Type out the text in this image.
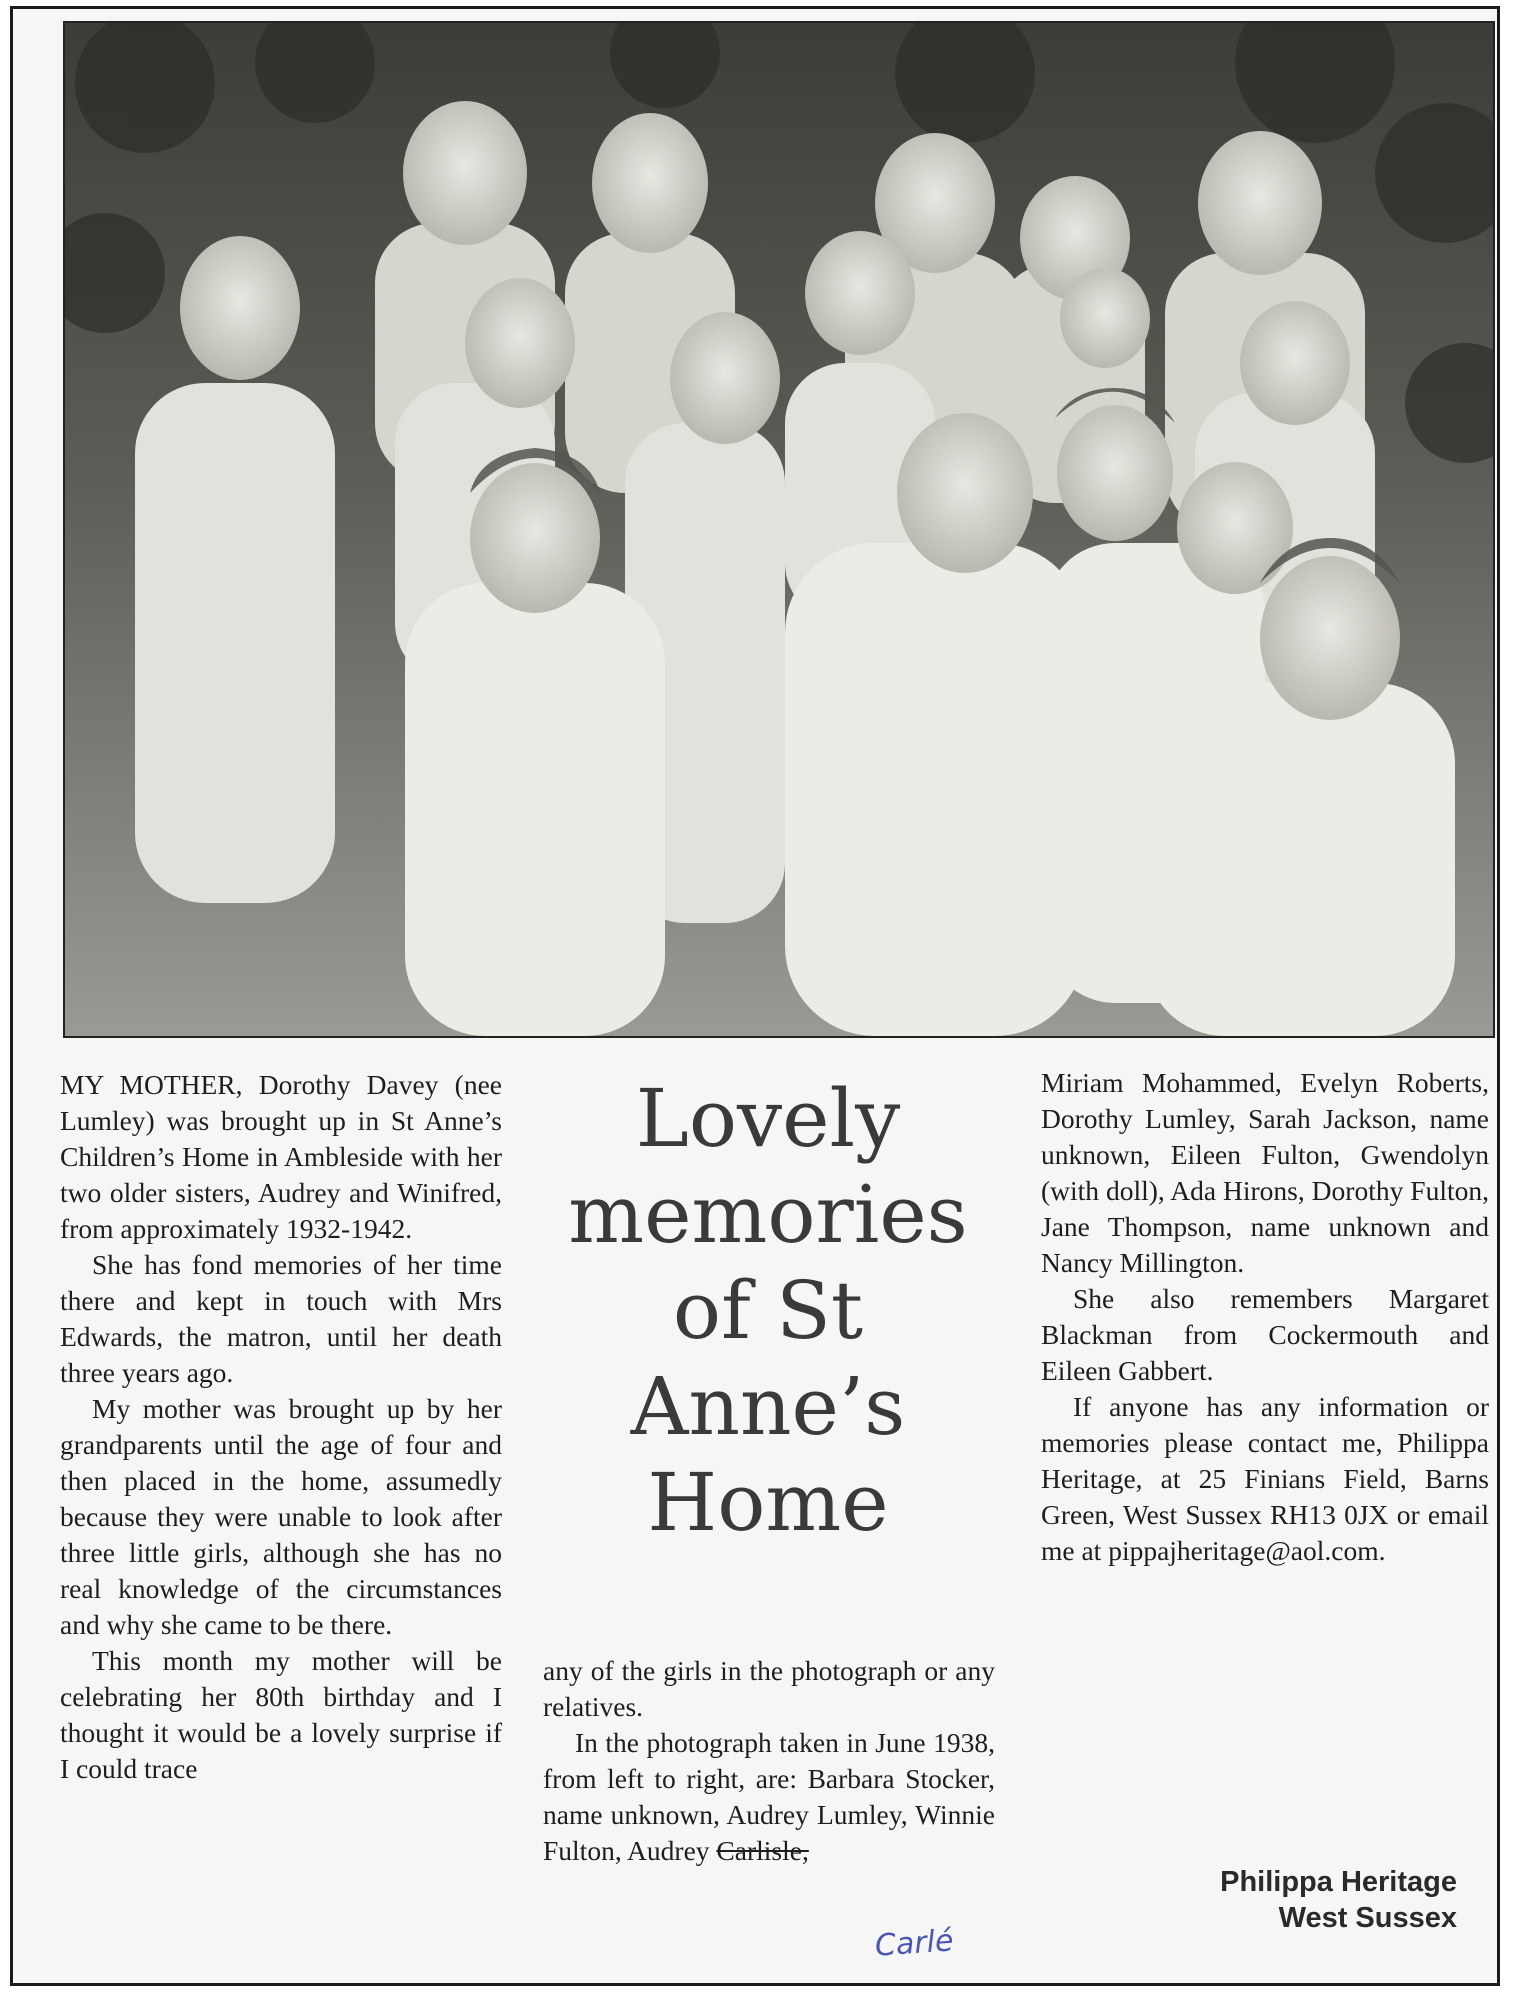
Lovely memories of St Anne’s Home

MY MOTHER, Dorothy Davey (nee Lumley) was brought up in St Anne’s Children’s Home in Ambleside with her two older sisters, Audrey and Winifred, from approximately 1932-1942.

She has fond memories of her time there and kept in touch with Mrs Edwards, the matron, until her death three years ago.

My mother was brought up by her grandparents until the age of four and then placed in the home, assumedly because they were unable to look after three little girls, although she has no real knowledge of the circumstances and why she came to be there.

This month my mother will be celebrating her 80th birthday and I thought it would be a lovely surprise if I could trace

any of the girls in the photograph or any relatives.

In the photograph taken in June 1938, from left to right, are: Barbara Stocker, name unknown, Audrey Lumley, Winnie Fulton, Audrey Carlisle,

Carlé

Miriam Mohammed, Evelyn Roberts, Dorothy Lumley, Sarah Jackson, name unknown, Eileen Fulton, Gwendolyn (with doll), Ada Hirons, Dorothy Fulton, Jane Thompson, name unknown and Nancy Millington.

She also remembers Margaret Blackman from Cockermouth and Eileen Gabbert.

If anyone has any information or memories please contact me, Philippa Heritage, at 25 Finians Field, Barns Green, West Sussex RH13 0JX or email me at pippajheritage@aol.com.

Philippa Heritage
West Sussex
